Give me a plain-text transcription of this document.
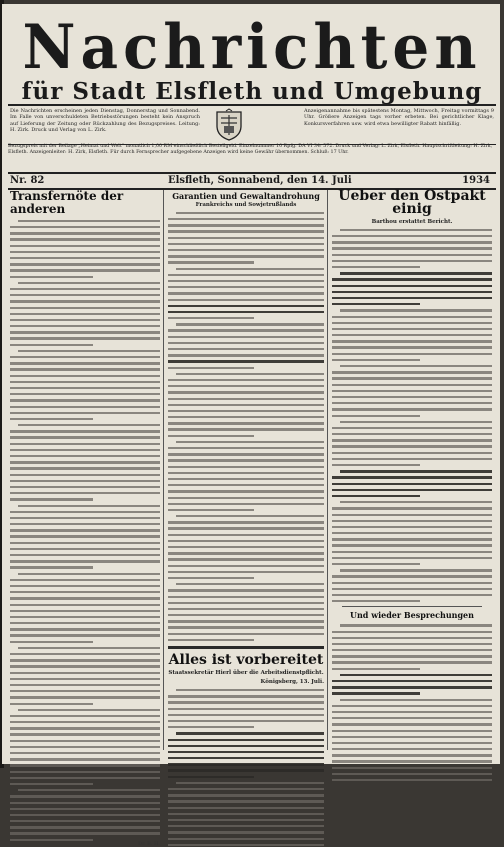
Nachrichten
für Stadt Elsfleth und Umgebung
Die Nachrichten erscheinen jeden Dienstag, Donnerstag und Sonnabend. Im Falle von unverschuldeten Betriebsstörungen besteht kein Anspruch auf Lieferung der Zeitung oder Rückzahlung des Bezugspreises. Leitung: H. Zirk. Druck und Verlag von L. Zirk.
Anzeigenannahme bis spätestens Montag, Mittwoch, Freitag vormittags 9 Uhr. Größere Anzeigen tags vorher erbeten. Bei gerichtlicher Klage, Konkursverfahren usw. wird etwa bewilligter Rabatt hinfällig.
Bezugspreis mit der Beilage „Heimat und Welt“ monatlich 1,00 RM einschließlich Bestellgeld. Einzelnummer 10 Rpfg. DA VI 34: 572. Druck und Verlag: L. Zirk, Elsfleth. Hauptschriftleitung: H. Zirk, Elsfleth. Anzeigenleiter: H. Zirk, Elsfleth. Für durch Fernsprecher aufgegebene Anzeigen wird keine Gewähr übernommen. Schluß: 17 Uhr.
Nr. 82	Elsfleth, Sonnabend, den 14. Juli	1934
Transfernöte der anderen
Dr. B. H.
Garantien und Gewaltandrohung
Frankreichs und Sowjetrußlands
Alles ist vorbereitet
Staatssekretär Hierl über die Arbeitsdienstpflicht.
Königsberg, 13. Juli.
Ueber den Ostpakt einig
Barthou erstattet Bericht.
Und wieder Besprechungen
